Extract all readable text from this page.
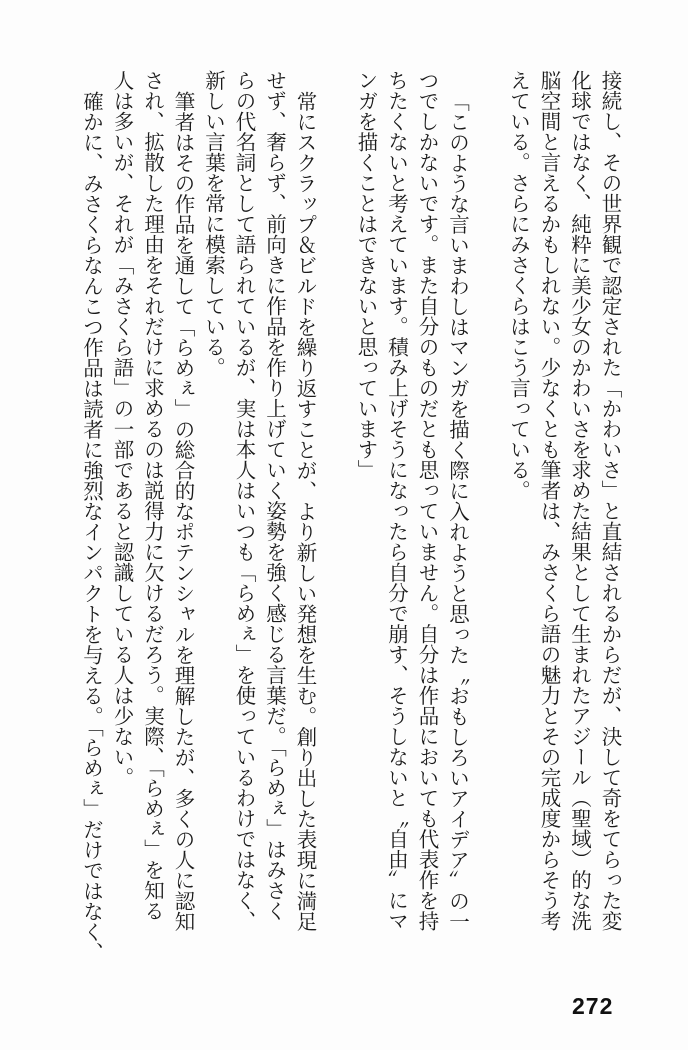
接続し、その世界観で認定された「かわいさ」と直結されるからだが、決して奇をてらった変
化球ではなく、純粋に美少女のかわいさを求めた結果として生まれたアジール（聖域）的な洗
脳空間と言えるかもしれない。少なくとも筆者は、みさくら語の魅力とその完成度からそう考
えている。さらにみさくらはこう言っている。
「このような言いまわしはマンガを描く際に入れようと思った〝おもしろいアイデア〟の一
つでしかないです。また自分のものだとも思っていません。自分は作品においても代表作を持
ちたくないと考えています。積み上げそうになったら自分で崩す、そうしないと〝自由〟にマ
ンガを描くことはできないと思っています」
常にスクラップ＆ビルドを繰り返すことが、より新しい発想を生む。創り出した表現に満足
せず、奢らず、前向きに作品を作り上げていく姿勢を強く感じる言葉だ。「らめぇ」はみさく
らの代名詞として語られているが、実は本人はいつも「らめぇ」を使っているわけではなく、
新しい言葉を常に模索している。
筆者はその作品を通して「らめぇ」の総合的なポテンシャルを理解したが、多くの人に認知
され、拡散した理由をそれだけに求めるのは説得力に欠けるだろう。実際、「らめぇ」を知る
人は多いが、それが「みさくら語」の一部であると認識している人は少ない。
確かに、みさくらなんこつ作品は読者に強烈なインパクトを与える。「らめぇ」だけではなく、
272
